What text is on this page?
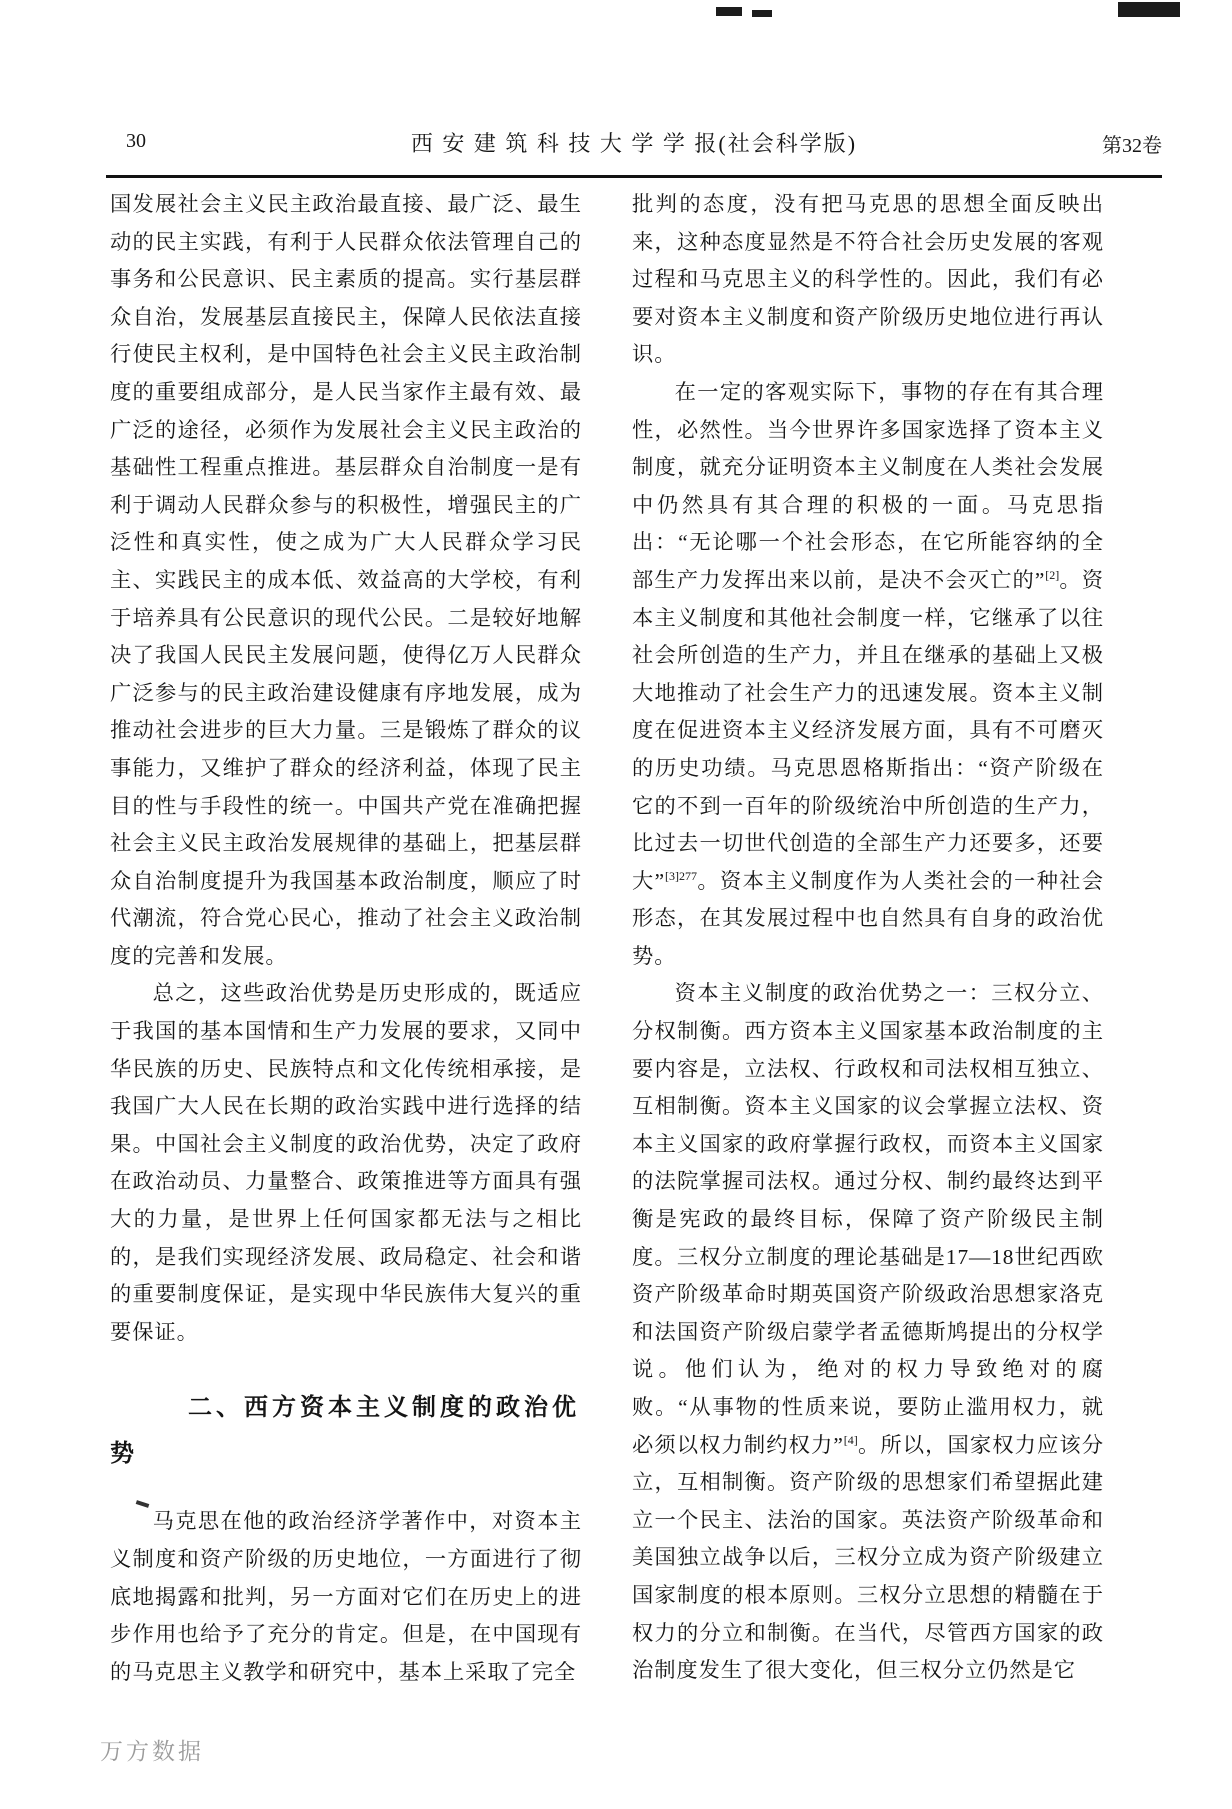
30	西 安 建 筑 科 技 大 学 学 报(社会科学版)	第32卷

国发展社会主义民主政治最直接、最广泛、最生动的民主实践，有利于人民群众依法管理自己的事务和公民意识、民主素质的提高。实行基层群众自治，发展基层直接民主，保障人民依法直接行使民主权利，是中国特色社会主义民主政治制度的重要组成部分，是人民当家作主最有效、最广泛的途径，必须作为发展社会主义民主政治的基础性工程重点推进。基层群众自治制度一是有利于调动人民群众参与的积极性，增强民主的广泛性和真实性，使之成为广大人民群众学习民主、实践民主的成本低、效益高的大学校，有利于培养具有公民意识的现代公民。二是较好地解决了我国人民民主发展问题，使得亿万人民群众广泛参与的民主政治建设健康有序地发展，成为推动社会进步的巨大力量。三是锻炼了群众的议事能力，又维护了群众的经济利益，体现了民主目的性与手段性的统一。中国共产党在准确把握社会主义民主政治发展规律的基础上，把基层群众自治制度提升为我国基本政治制度，顺应了时代潮流，符合党心民心，推动了社会主义政治制度的完善和发展。

总之，这些政治优势是历史形成的，既适应于我国的基本国情和生产力发展的要求，又同中华民族的历史、民族特点和文化传统相承接，是我国广大人民在长期的政治实践中进行选择的结果。中国社会主义制度的政治优势，决定了政府在政治动员、力量整合、政策推进等方面具有强大的力量，是世界上任何国家都无法与之相比的，是我们实现经济发展、政局稳定、社会和谐的重要制度保证，是实现中华民族伟大复兴的重要保证。

二、西方资本主义制度的政治优势

马克思在他的政治经济学著作中，对资本主义制度和资产阶级的历史地位，一方面进行了彻底地揭露和批判，另一方面对它们在历史上的进步作用也给予了充分的肯定。但是，在中国现有的马克思主义教学和研究中，基本上采取了完全

批判的态度，没有把马克思的思想全面反映出来，这种态度显然是不符合社会历史发展的客观过程和马克思主义的科学性的。因此，我们有必要对资本主义制度和资产阶级历史地位进行再认识。

在一定的客观实际下，事物的存在有其合理性，必然性。当今世界许多国家选择了资本主义制度，就充分证明资本主义制度在人类社会发展中仍然具有其合理的积极的一面。马克思指出：“无论哪一个社会形态，在它所能容纳的全部生产力发挥出来以前，是决不会灭亡的”[2]。资本主义制度和其他社会制度一样，它继承了以往社会所创造的生产力，并且在继承的基础上又极大地推动了社会生产力的迅速发展。资本主义制度在促进资本主义经济发展方面，具有不可磨灭的历史功绩。马克思恩格斯指出：“资产阶级在它的不到一百年的阶级统治中所创造的生产力，比过去一切世代创造的全部生产力还要多，还要大”$^{[3]277}$。资本主义制度作为人类社会的一种社会形态，在其发展过程中也自然具有自身的政治优势。

资本主义制度的政治优势之一：三权分立、分权制衡。西方资本主义国家基本政治制度的主要内容是，立法权、行政权和司法权相互独立、互相制衡。资本主义国家的议会掌握立法权、资本主义国家的政府掌握行政权，而资本主义国家的法院掌握司法权。通过分权、制约最终达到平衡是宪政的最终目标，保障了资产阶级民主制度。三权分立制度的理论基础是17—18世纪西欧资产阶级革命时期英国资产阶级政治思想家洛克和法国资产阶级启蒙学者孟德斯鸠提出的分权学说。他们认为，绝对的权力导致绝对的腐败。“从事物的性质来说，要防止滥用权力，就必须以权力制约权力”[4]。所以，国家权力应该分立，互相制衡。资产阶级的思想家们希望据此建立一个民主、法治的国家。英法资产阶级革命和美国独立战争以后，三权分立成为资产阶级建立国家制度的根本原则。三权分立思想的精髓在于权力的分立和制衡。在当代，尽管西方国家的政治制度发生了很大变化，但三权分立仍然是它

万方数据
